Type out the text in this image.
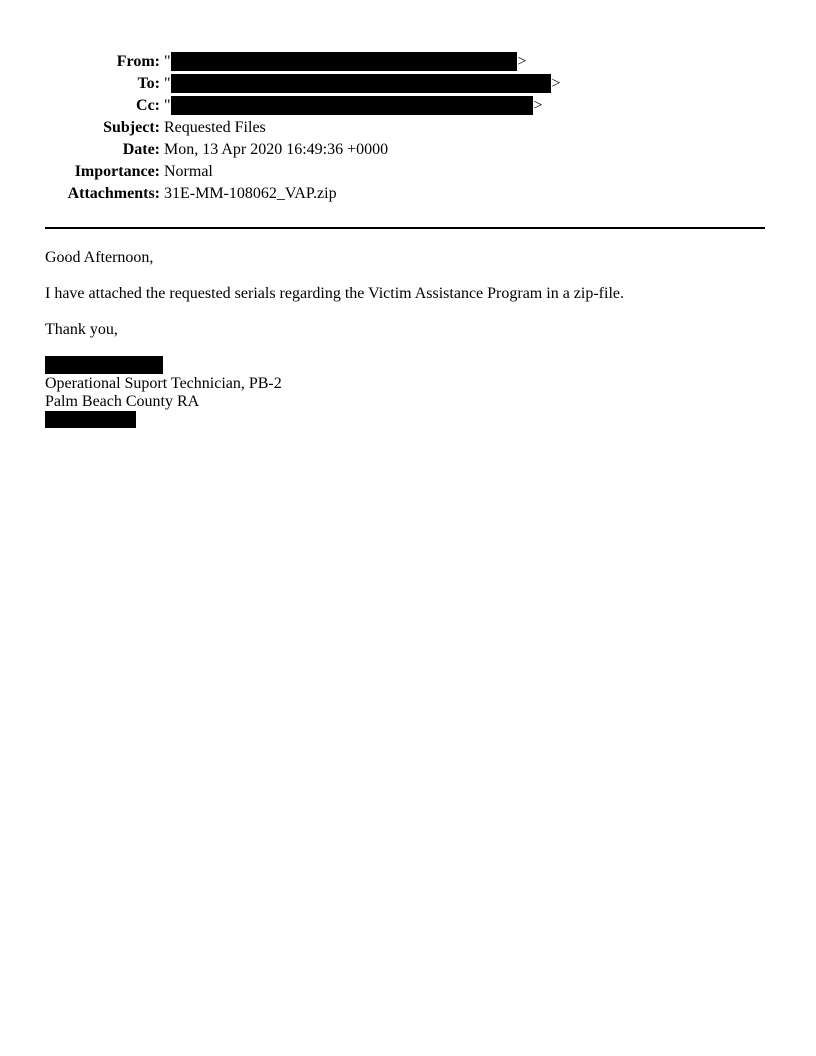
From: "	>
To: "	>
Cc: "	>
Subject: Requested Files
Date: Mon, 13 Apr 2020 16:49:36 +0000
Importance: Normal
Attachments: 31E-MM-108062_VAP.zip
Good Afternoon,
I have attached the requested serials regarding the Victim Assistance Program in a zip-file.
Thank you,
Operational Suport Technician, PB-2
Palm Beach County RA
